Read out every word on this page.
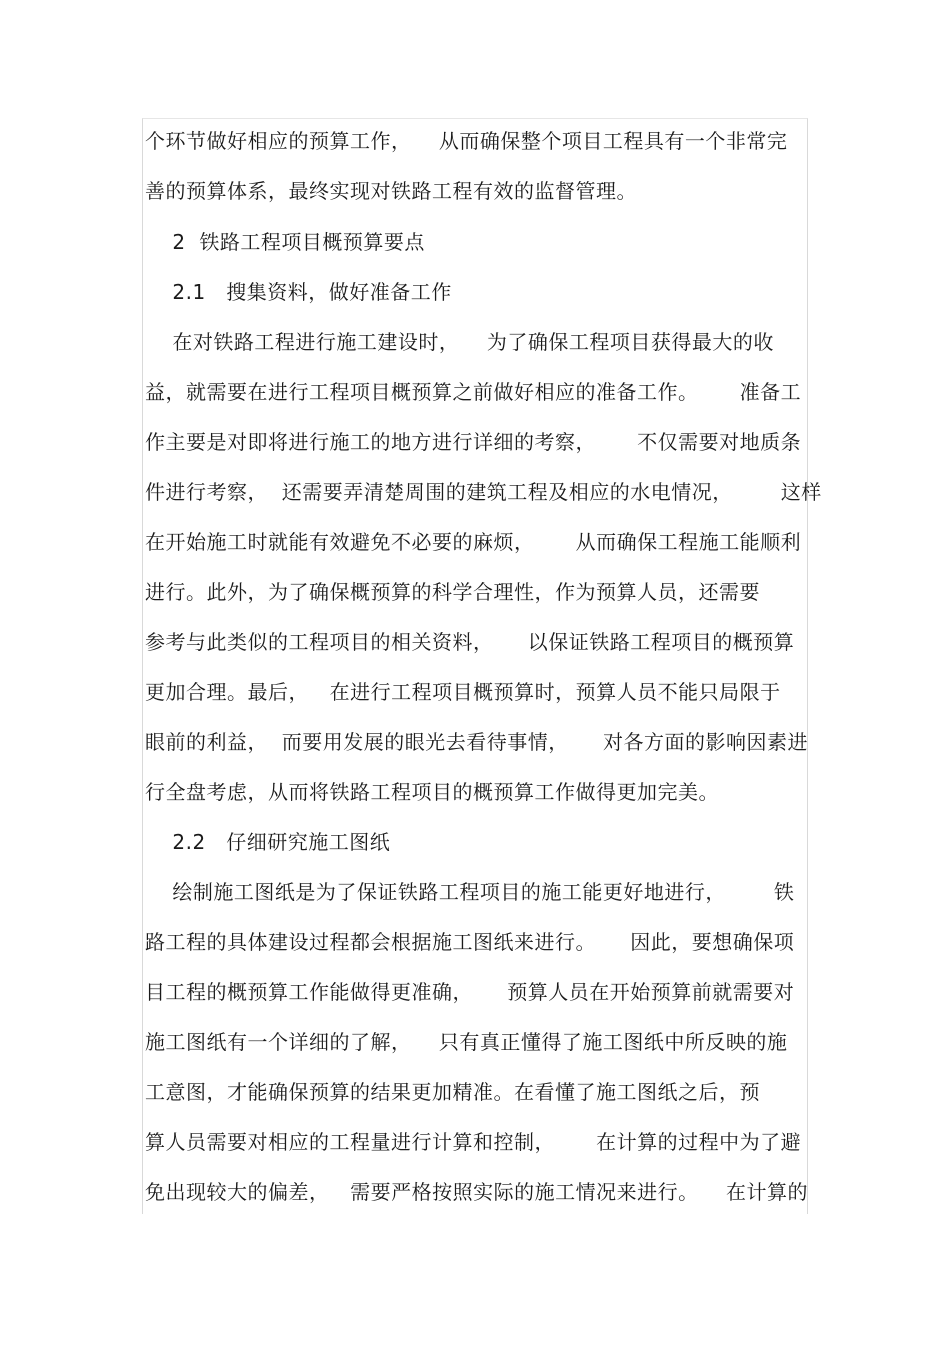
个环节做好相应的预算工作，    从而确保整个项目工程具有一个非常完
善的预算体系，最终实现对铁路工程有效的监督管理。
2  铁路工程项目概预算要点
2.1   搜集资料，做好准备工作
在对铁路工程进行施工建设时，    为了确保工程项目获得最大的收
益，就需要在进行工程项目概预算之前做好相应的准备工作。      准备工
作主要是对即将进行施工的地方进行详细的考察，      不仅需要对地质条
件进行考察，  还需要弄清楚周围的建筑工程及相应的水电情况，       这样
在开始施工时就能有效避免不必要的麻烦，      从而确保工程施工能顺利
进行。此外，为了确保概预算的科学合理性，作为预算人员，还需要
参考与此类似的工程项目的相关资料，     以保证铁路工程项目的概预算
更加合理。最后，   在进行工程项目概预算时，预算人员不能只局限于
眼前的利益，  而要用发展的眼光去看待事情，     对各方面的影响因素进
行全盘考虑，从而将铁路工程项目的概预算工作做得更加完美。
2.2   仔细研究施工图纸
绘制施工图纸是为了保证铁路工程项目的施工能更好地进行，       铁
路工程的具体建设过程都会根据施工图纸来进行。     因此，要想确保项
目工程的概预算工作能做得更准确，     预算人员在开始预算前就需要对
施工图纸有一个详细的了解，    只有真正懂得了施工图纸中所反映的施
工意图，才能确保预算的结果更加精准。在看懂了施工图纸之后，预
算人员需要对相应的工程量进行计算和控制，      在计算的过程中为了避
免出现较大的偏差，   需要严格按照实际的施工情况来进行。    在计算的
